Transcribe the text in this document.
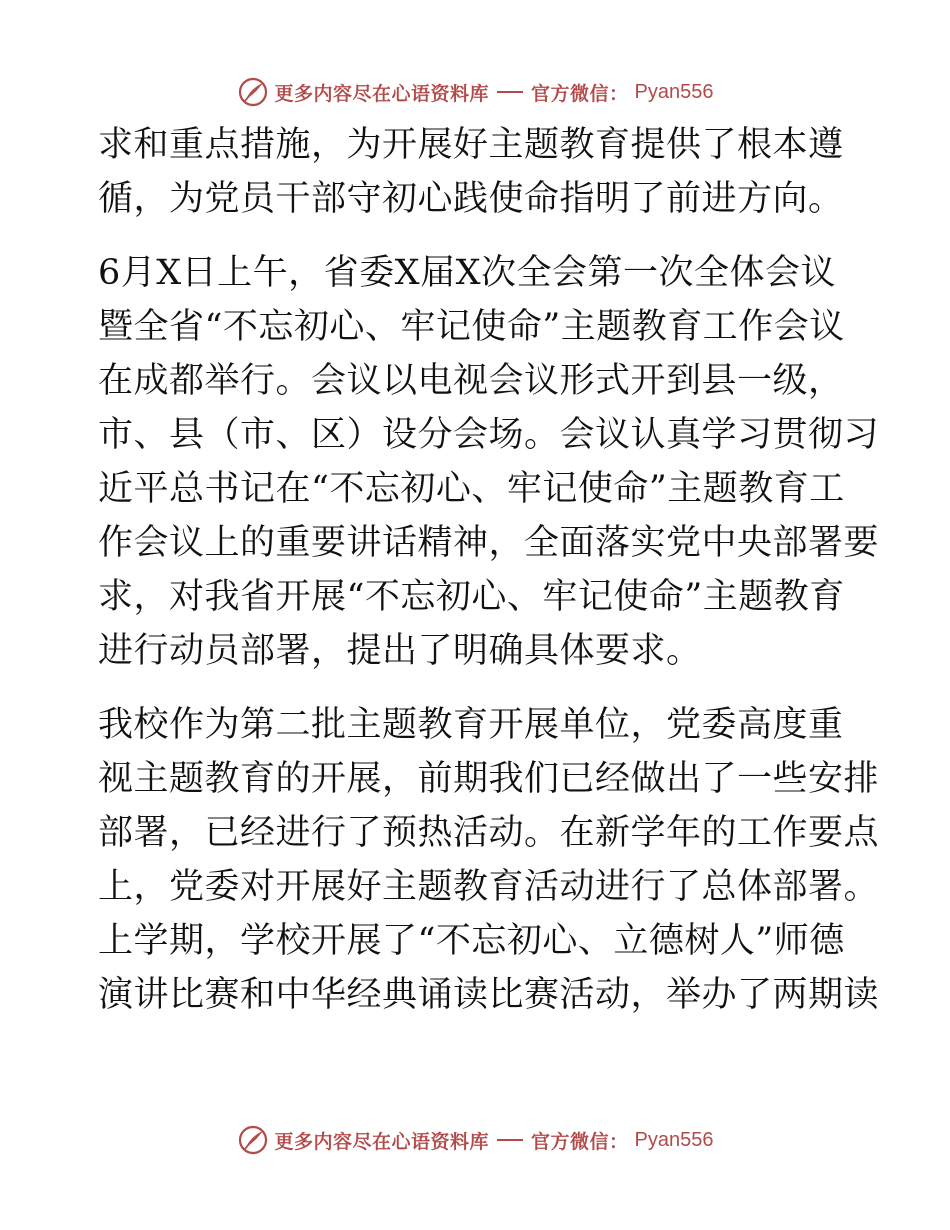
更多内容尽在心语资料库 官方微信： Pyan556
求和重点措施，为开展好主题教育提供了根本遵
循，为党员干部守初心践使命指明了前进方向。
6月X日上午，省委X届X次全会第一次全体会议
暨全省“不忘初心、牢记使命”主题教育工作会议
在成都举行。会议以电视会议形式开到县一级，
市、县（市、区）设分会场。会议认真学习贯彻习
近平总书记在“不忘初心、牢记使命”主题教育工
作会议上的重要讲话精神，全面落实党中央部署要
求，对我省开展“不忘初心、牢记使命”主题教育
进行动员部署，提出了明确具体要求。
我校作为第二批主题教育开展单位，党委高度重
视主题教育的开展，前期我们已经做出了一些安排
部署，已经进行了预热活动。在新学年的工作要点
上，党委对开展好主题教育活动进行了总体部署。
上学期，学校开展了“不忘初心、立德树人”师德
演讲比赛和中华经典诵读比赛活动，举办了两期读
更多内容尽在心语资料库 官方微信： Pyan556
